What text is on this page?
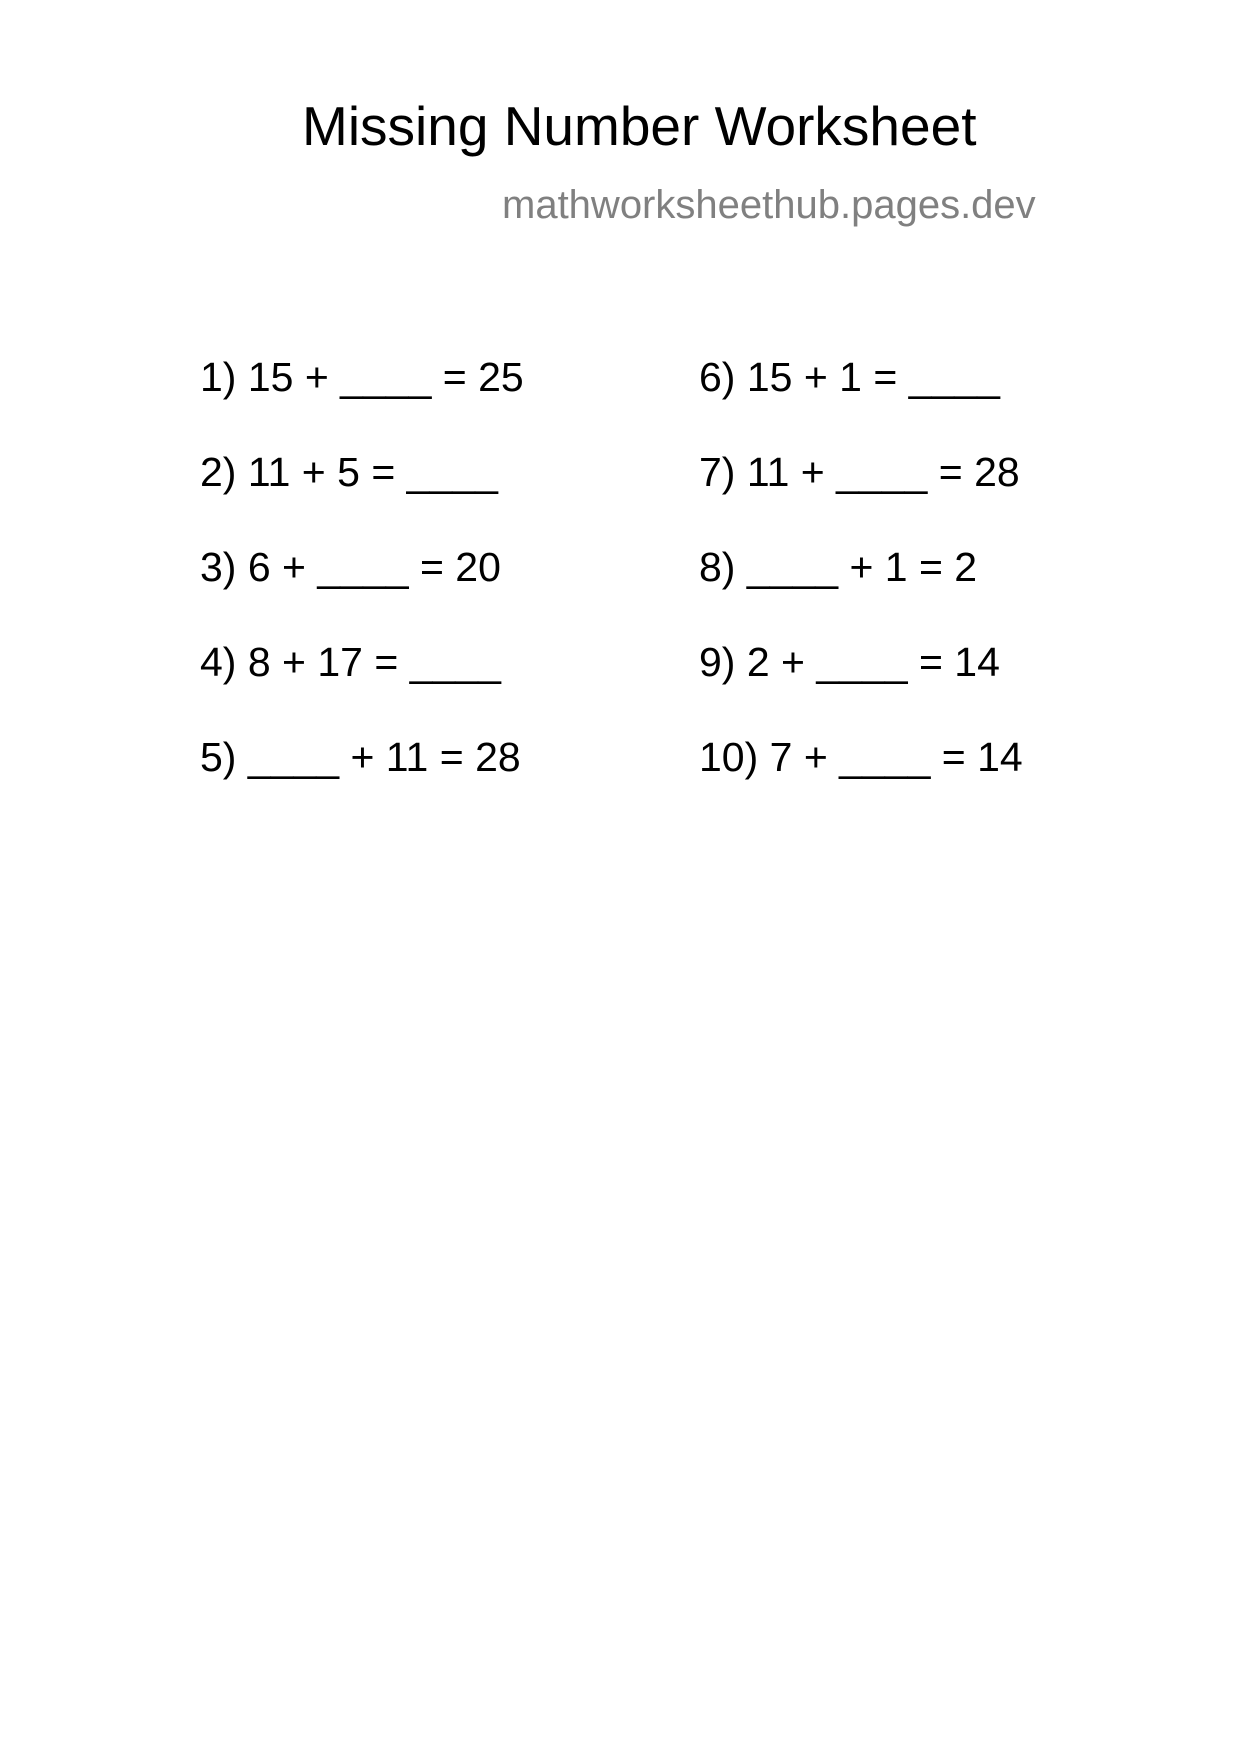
Missing Number Worksheet
mathworksheethub.pages.dev
1) 15 + ____ = 25
2) 11 + 5 = ____
3) 6 + ____ = 20
4) 8 + 17 = ____
5) ____ + 11 = 28
6) 15 + 1 = ____
7) 11 + ____ = 28
8) ____ + 1 = 2
9) 2 + ____ = 14
10) 7 + ____ = 14
